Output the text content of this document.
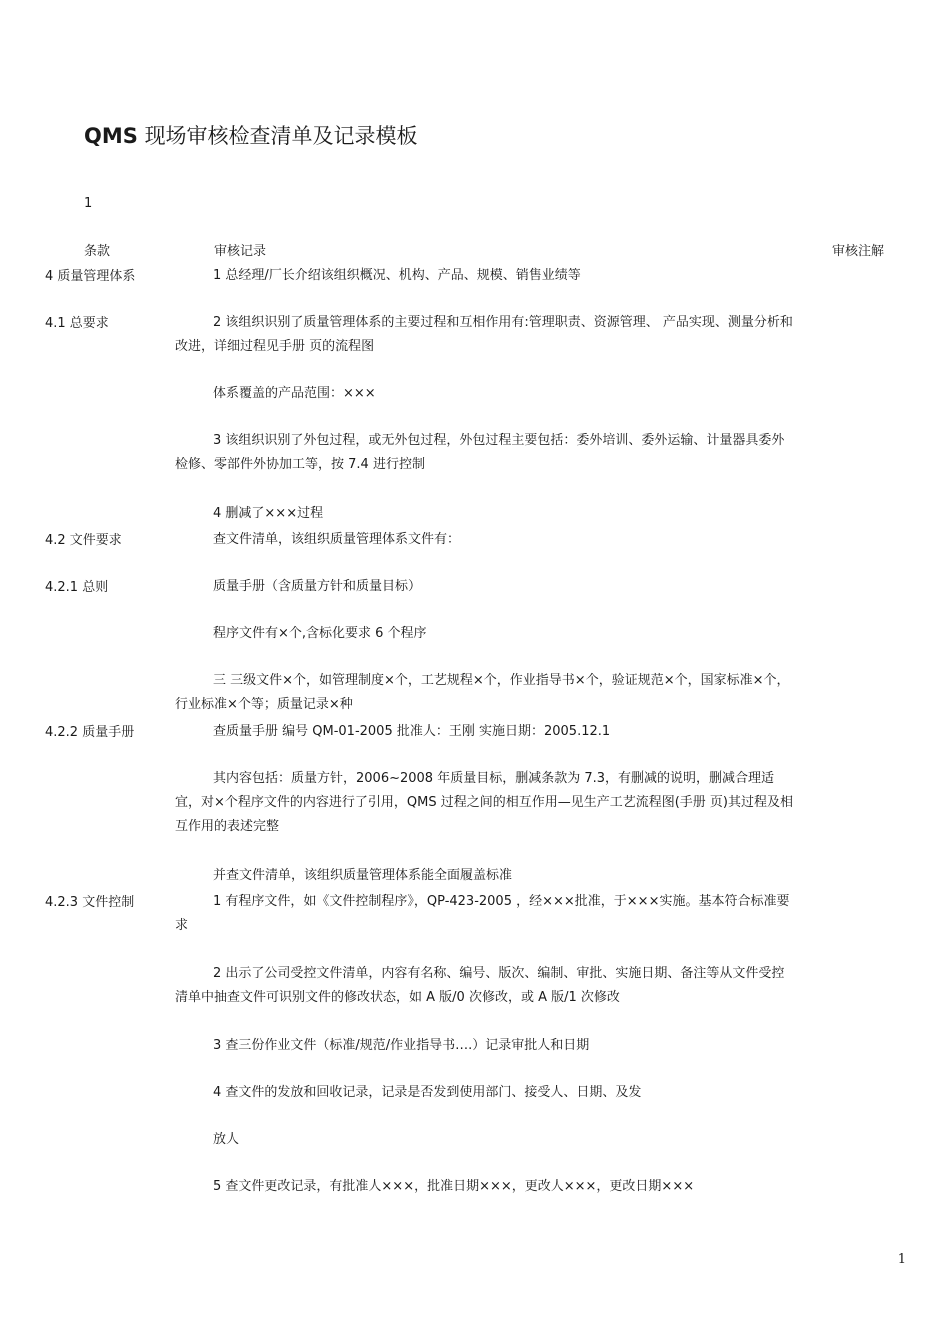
QMS 现场审核检查清单及记录模板
1
条款	审核记录	审核注解
4 质量管理体系	1 总经理/厂长介绍该组织概况、机构、产品、规模、销售业绩等
4.1 总要求	2 该组织识别了质量管理体系的主要过程和互相作用有:管理职责、资源管理、 产品实现、测量分析和改进，详细过程见手册 页的流程图
体系覆盖的产品范围：×××
3 该组织识别了外包过程，或无外包过程，外包过程主要包括：委外培训、委外运输、计量器具委外检修、零部件外协加工等，按 7.4 进行控制
4 删减了×××过程
4.2 文件要求	查文件清单，该组织质量管理体系文件有：
4.2.1 总则	质量手册（含质量方针和质量目标）
程序文件有×个,含标化要求 6 个程序
三 三级文件×个，如管理制度×个，工艺规程×个，作业指导书×个，验证规范×个，国家标准×个，行业标准×个等；质量记录×种
4.2.2 质量手册	查质量手册 编号 QM-01-2005 批准人：王刚 实施日期：2005.12.1
其内容包括：质量方针，2006~2008 年质量目标，删减条款为 7.3，有删减的说明，删减合理适宜，对×个程序文件的内容进行了引用，QMS 过程之间的相互作用—见生产工艺流程图(手册 页)其过程及相互作用的表述完整
并查文件清单，该组织质量管理体系能全面履盖标准
4.2.3 文件控制	1 有程序文件，如《文件控制程序》，QP-423-2005 ，经×××批准，于×××实施。基本符合标准要求
2 出示了公司受控文件清单，内容有名称、编号、版次、编制、审批、实施日期、备注等从文件受控清单中抽查文件可识别文件的修改状态，如 A 版/0 次修改，或 A 版/1 次修改
3 查三份作业文件（标准/规范/作业指导书….）记录审批人和日期
4 查文件的发放和回收记录，记录是否发到使用部门、接受人、日期、及发
放人
5 查文件更改记录，有批准人×××，批准日期×××，更改人×××，更改日期×××
1
